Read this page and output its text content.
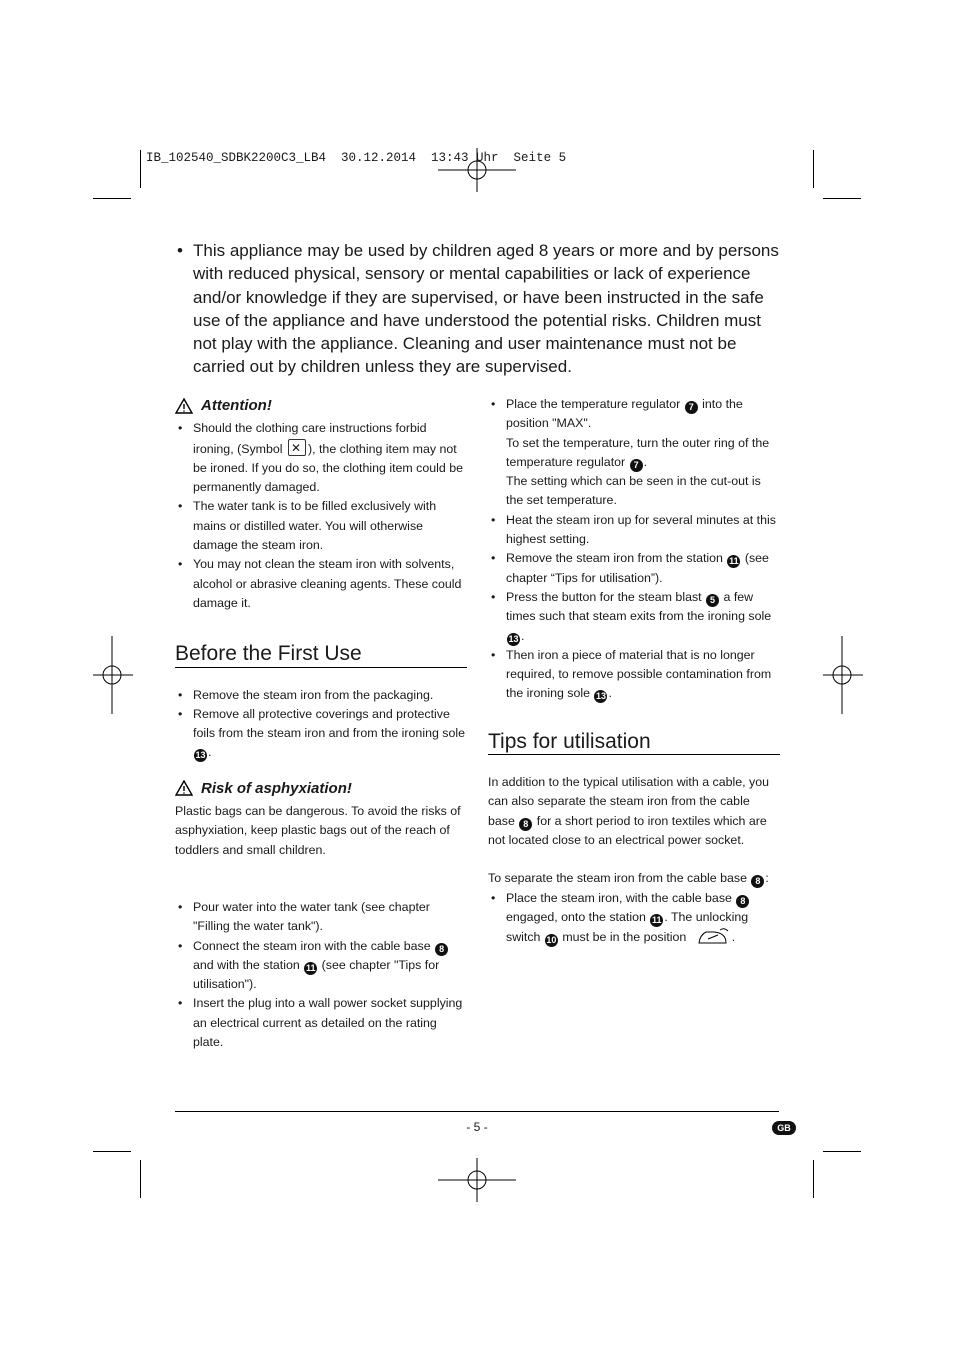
IB_102540_SDBK2200C3_LB4  30.12.2014  13:43 Uhr  Seite 5
• This appliance may be used by children aged 8 years or more and by persons with reduced physical, sensory or mental capabilities or lack of experience and/or knowledge if they are supervised, or have been instructed in the safe use of the appliance and have understood the potential risks. Children must not play with the appliance. Cleaning and user maintenance must not be carried out by children unless they are supervised.
Attention!
• Should the clothing care instructions forbid ironing, (Symbol ✕), the clothing item may not be ironed. If you do so, the clothing item could be permanently damaged.
• The water tank is to be filled exclusively with mains or distilled water. You will otherwise damage the steam iron.
• You may not clean the steam iron with solvents, alcohol or abrasive cleaning agents. These could damage it.
Before the First Use
• Remove the steam iron from the packaging.
• Remove all protective coverings and protective foils from the steam iron and from the ironing sole 13 .
Risk of asphyxiation!

Plastic bags can be dangerous. To avoid the risks of asphyxiation, keep plastic bags out of the reach of toddlers and small children.

• Pour water into the water tank (see chapter "Filling the water tank").
• Connect the steam iron with the cable base 8 and with the station 11 (see chapter "Tips for utilisation").
• Insert the plug into a wall power socket supplying an electrical current as detailed on the rating plate.
• Place the temperature regulator 7 into the position "MAX".
To set the temperature, turn the outer ring of the temperature regulator 7 .
The setting which can be seen in the cut-out is the set temperature.
• Heat the steam iron up for several minutes at this highest setting.
• Remove the steam iron from the station 11 (see chapter “Tips for utilisation”).
• Press the button for the steam blast 5 a few times such that steam exits from the ironing sole 13 .
• Then iron a piece of material that is no longer required, to remove possible contamination from the ironing sole 13 .
Tips for utilisation

In addition to the typical utilisation with a cable, you can also separate the steam iron from the cable base 8 for a short period to iron textiles which are not located close to an electrical power socket.

To separate the steam iron from the cable base 8 :

• Place the steam iron, with the cable base 8 engaged, onto the station 11 . The unlocking switch 10 must be in the position	.
- 5 -	GB
